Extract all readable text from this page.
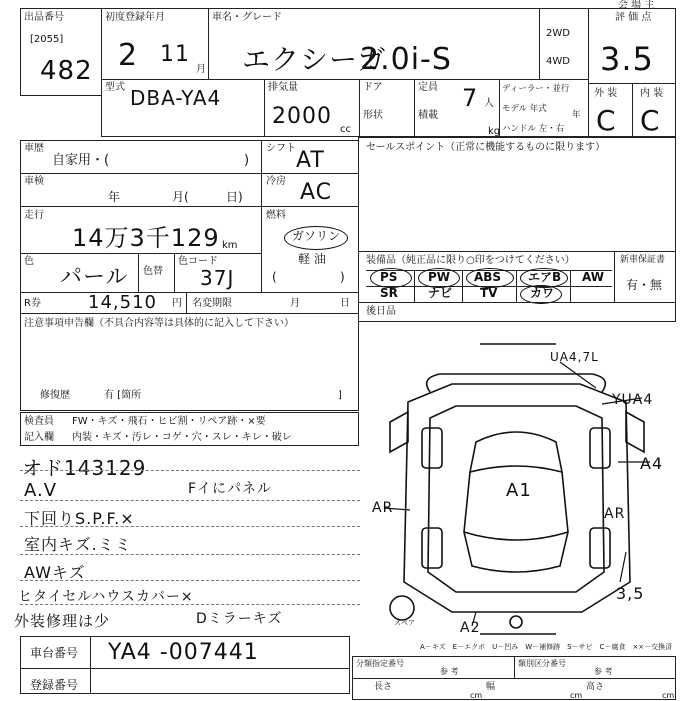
出品番号
[2055]
482
初度登録年月
2 11
月
車名・グレード
エクシーガ
2.0i-S
2WD
4WD
会 場 主
評 価 点
3.5
外 装 内 装
C C
型式 DBA-YA4	排気量
2000
cc
ドア
形状
定員 7 人
積載
kg
ディーラー・並行
モデル 年式
年
ハンドル 左・右
車歴
自家用・(	)
車検
年	月(	日)
走行
14万3千129 km
色
パール 色替
色コード
37J
燃料
ガソリン
軽 油
(	)
シフト AT
冷房 AC
R券	14,510 円 名変期限	月	日
注意事項申告欄（不具合内容等は具体的に記入して下さい）
修復歴	有 [箇所	]
検査員
記入欄
FW・キズ・飛石・ヒビ割・リペア跡・×要
内装・キズ・汚レ・コゲ・穴・スレ・キレ・破レ
オド143129
A.V
下回りS.P.F.×
室内キズ.ミミ
AWキズ
ヒタイセルハウスカバー×
外装修理は少	Dミラーキズ
Fイにパネル
車台番号 YA4 -007441
登録番号
セールスポイント（正常に機能するものに限ります）
装備品（純正品に限り○印をつけてください）	新車保証書
有・無
PS	PW ABS エアB AW
SR	ナビ TV	カワ
後日品
UA4,7L
YUA4
A4
A1
AR	AR
3,5
A2
スペア
A－キズ　E－エクボ　U－凹み　W－補修跡　S－サビ　C－腐食　××－交換済
分類指定番号
参 考
類別区分番号
参 考
長さ
cm
幅
cm
高さ
cm
